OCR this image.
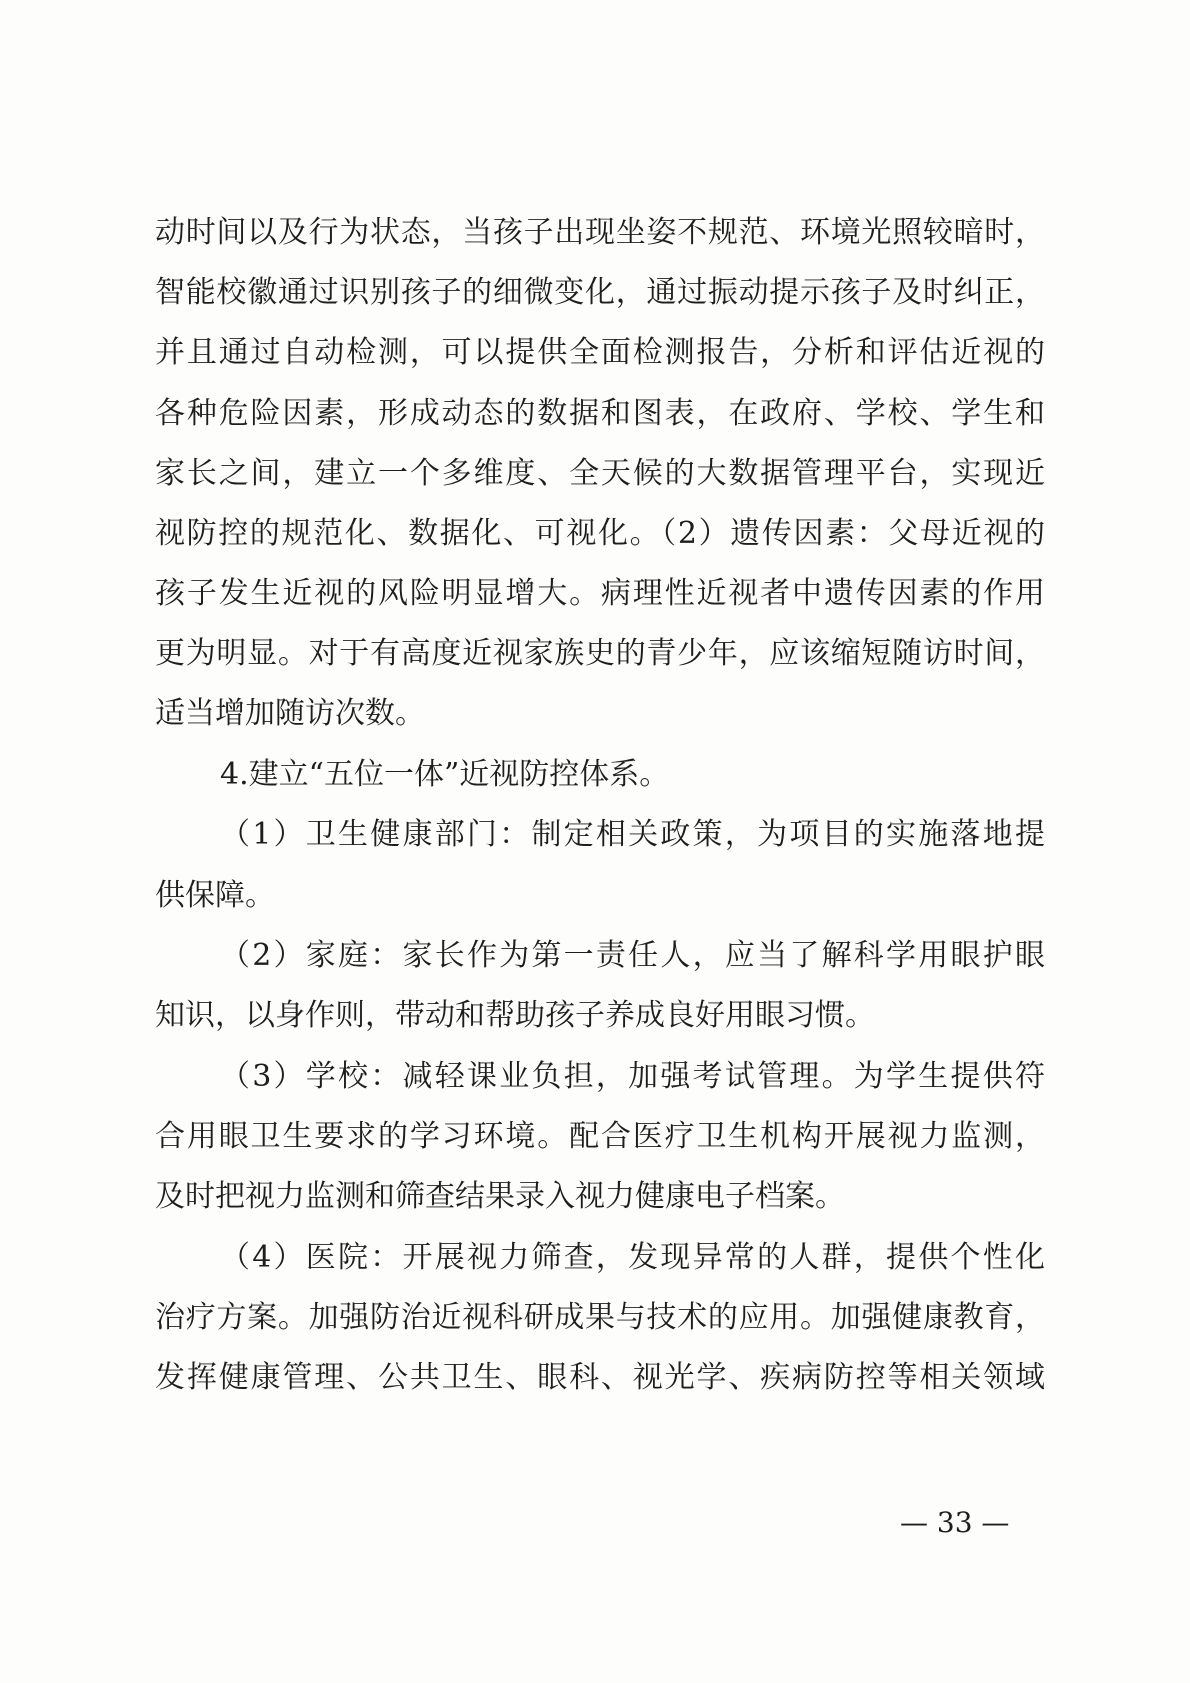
动时间以及行为状态，当孩子出现坐姿不规范、环境光照较暗时，
智能校徽通过识别孩子的细微变化，通过振动提示孩子及时纠正，
并且通过自动检测，可以提供全面检测报告，分析和评估近视的
各种危险因素，形成动态的数据和图表，在政府、学校、学生和
家长之间，建立一个多维度、全天候的大数据管理平台，实现近
视防控的规范化、数据化、可视化。（2）遗传因素：父母近视的
孩子发生近视的风险明显增大。病理性近视者中遗传因素的作用
更为明显。对于有高度近视家族史的青少年，应该缩短随访时间，
适当增加随访次数。
4.建立“五位一体”近视防控体系。
（1）卫生健康部门：制定相关政策，为项目的实施落地提
供保障。
（2）家庭：家长作为第一责任人，应当了解科学用眼护眼
知识，以身作则，带动和帮助孩子养成良好用眼习惯。
（3）学校：减轻课业负担，加强考试管理。为学生提供符
合用眼卫生要求的学习环境。配合医疗卫生机构开展视力监测，
及时把视力监测和筛查结果录入视力健康电子档案。
（4）医院：开展视力筛查，发现异常的人群，提供个性化
治疗方案。加强防治近视科研成果与技术的应用。加强健康教育，
发挥健康管理、公共卫生、眼科、视光学、疾病防控等相关领域
— 33 —
